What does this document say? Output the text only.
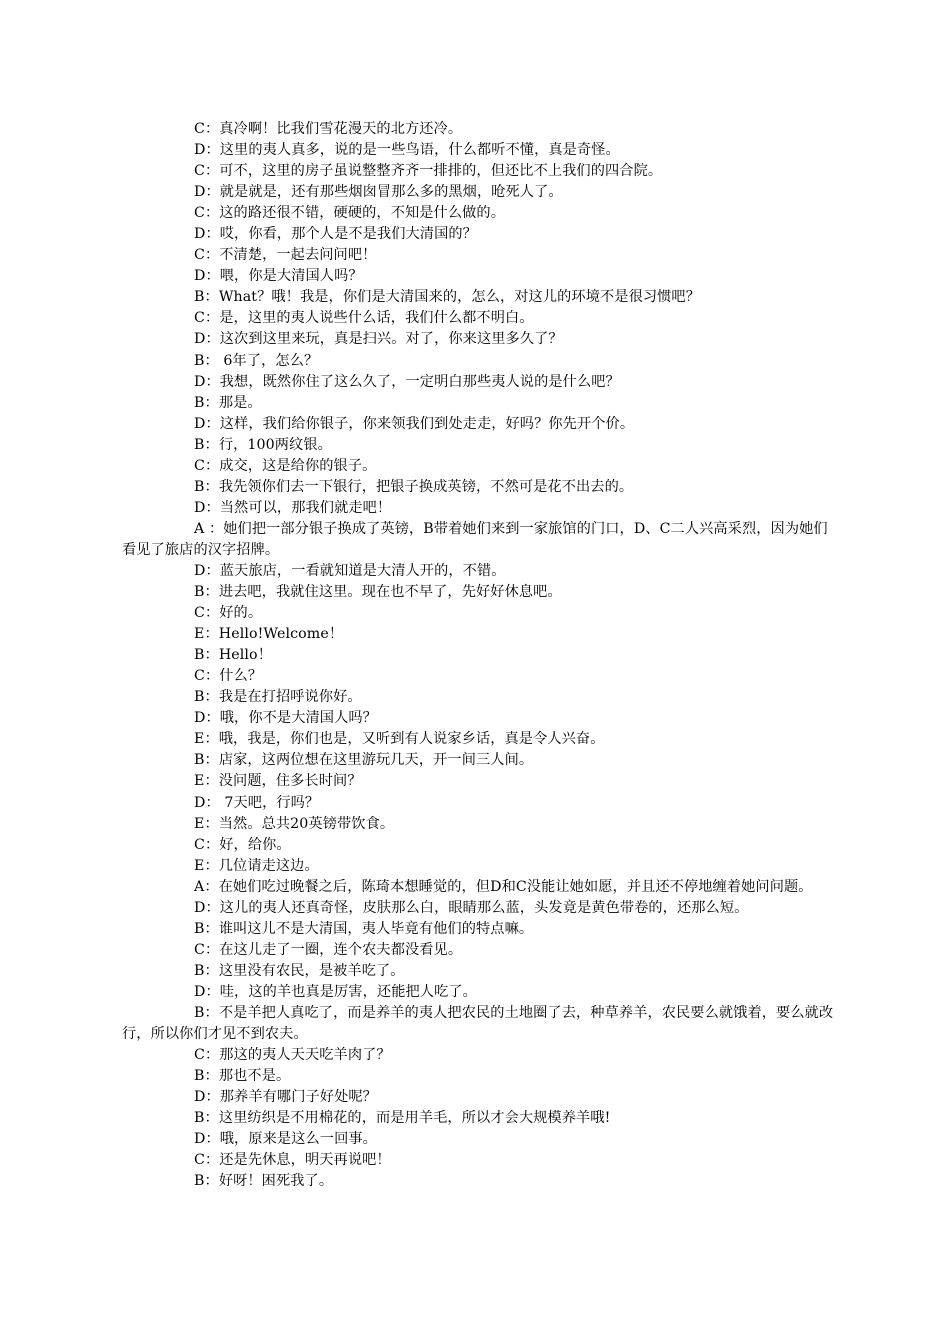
C：真冷啊！比我们雪花漫天的北方还冷。

D：这里的夷人真多，说的是一些鸟语，什么都听不懂，真是奇怪。

C：可不，这里的房子虽说整整齐齐一排排的，但还比不上我们的四合院。

D：就是就是，还有那些烟囱冒那么多的黑烟，呛死人了。

C：这的路还很不错，硬硬的，不知是什么做的。

D：哎，你看，那个人是不是我们大清国的？

C：不清楚，一起去问问吧！

D：喂，你是大清国人吗？

B：What？哦！我是，你们是大清国来的，怎么，对这儿的环境不是很习惯吧？

C：是，这里的夷人说些什么话，我们什么都不明白。

D：这次到这里来玩，真是扫兴。对了，你来这里多久了？

B： 6年了，怎么？

D：我想，既然你住了这么久了，一定明白那些夷人说的是什么吧？

B：那是。

D：这样，我们给你银子，你来领我们到处走走，好吗？你先开个价。

B：行，100两纹银。

C：成交，这是给你的银子。

B：我先领你们去一下银行，把银子换成英镑，不然可是花不出去的。

D：当然可以，那我们就走吧！

A ：她们把一部分银子换成了英镑，B带着她们来到一家旅馆的门口，D、C二人兴高采烈，因为她们看见了旅店的汉字招牌。

D：蓝天旅店，一看就知道是大清人开的，不错。

B：进去吧，我就住这里。现在也不早了，先好好休息吧。

C：好的。

E：Hello!Welcome！

B：Hello！

C：什么？

B：我是在打招呼说你好。

D：哦，你不是大清国人吗？

E：哦，我是，你们也是，又听到有人说家乡话，真是令人兴奋。

B：店家，这两位想在这里游玩几天，开一间三人间。

E：没问题，住多长时间？

D： 7天吧，行吗？

E：当然。总共20英镑带饮食。

C：好，给你。

E：几位请走这边。

A：在她们吃过晚餐之后，陈琦本想睡觉的，但D和C没能让她如愿，并且还不停地缠着她问问题。

D：这儿的夷人还真奇怪，皮肤那么白，眼睛那么蓝，头发竟是黄色带卷的，还那么短。

B：谁叫这儿不是大清国，夷人毕竟有他们的特点嘛。

C：在这儿走了一圈，连个农夫都没看见。

B：这里没有农民，是被羊吃了。

D：哇，这的羊也真是厉害，还能把人吃了。

B：不是羊把人真吃了，而是养羊的夷人把农民的土地圈了去，种草养羊，农民要么就饿着，要么就改行，所以你们才见不到农夫。

C：那这的夷人天天吃羊肉了？

B：那也不是。

D：那养羊有哪门子好处呢？

B：这里纺织是不用棉花的，而是用羊毛，所以才会大规模养羊哦!

D：哦，原来是这么一回事。

C：还是先休息，明天再说吧！

B：好呀！困死我了。
